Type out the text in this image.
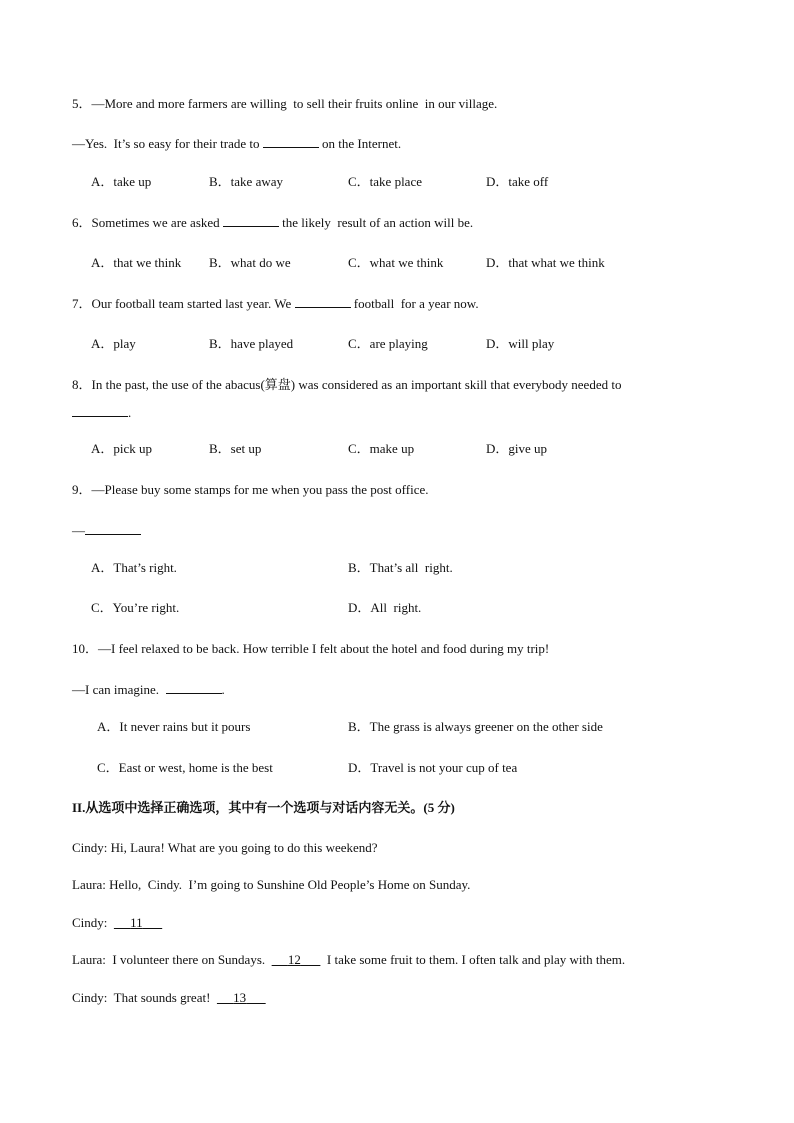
5．—More and more farmers are willing  to sell their fruits online  in our village.
—Yes.  It’s so easy for their trade to	on the Internet.
A．take up	B．take away	C．take place	D．take off
6．Sometimes we are asked	the likely  result of an action will be.
A．that we think B．what do we	C．what we think	D．that what we think
7．Our football team started last year. We	football  for a year now.
A．play	B．have played	C．are playing	D．will play
8．In the past, the use of the abacus(算盘) was considered as an important skill that everybody needed to
.
A．pick up	B．set up	C．make up	D．give up
9．—Please buy some stamps for me when you pass the post office.
—
A．That’s right.	B．That’s all  right.
C．You’re right.	D．All  right.
10．—I feel relaxed to be back. How terrible I felt about the hotel and food during my trip!
—I can imagine.	.
A．It never rains but it pours	B．The grass is always greener on the other side
C．East or west, home is the best	D．Travel is not your cup of tea
II.从选项中选择正确选项，其中有一个选项与对话内容无关。(5 分)
Cindy: Hi, Laura! What are you going to do this weekend?
Laura: Hello,  Cindy.  I’m going to Sunshine Old People’s Home on Sunday.
Cindy:       11
Laura:  I volunteer there on Sundays.       12        I take some fruit to them. I often talk and play with them.
Cindy:  That sounds great!       13
